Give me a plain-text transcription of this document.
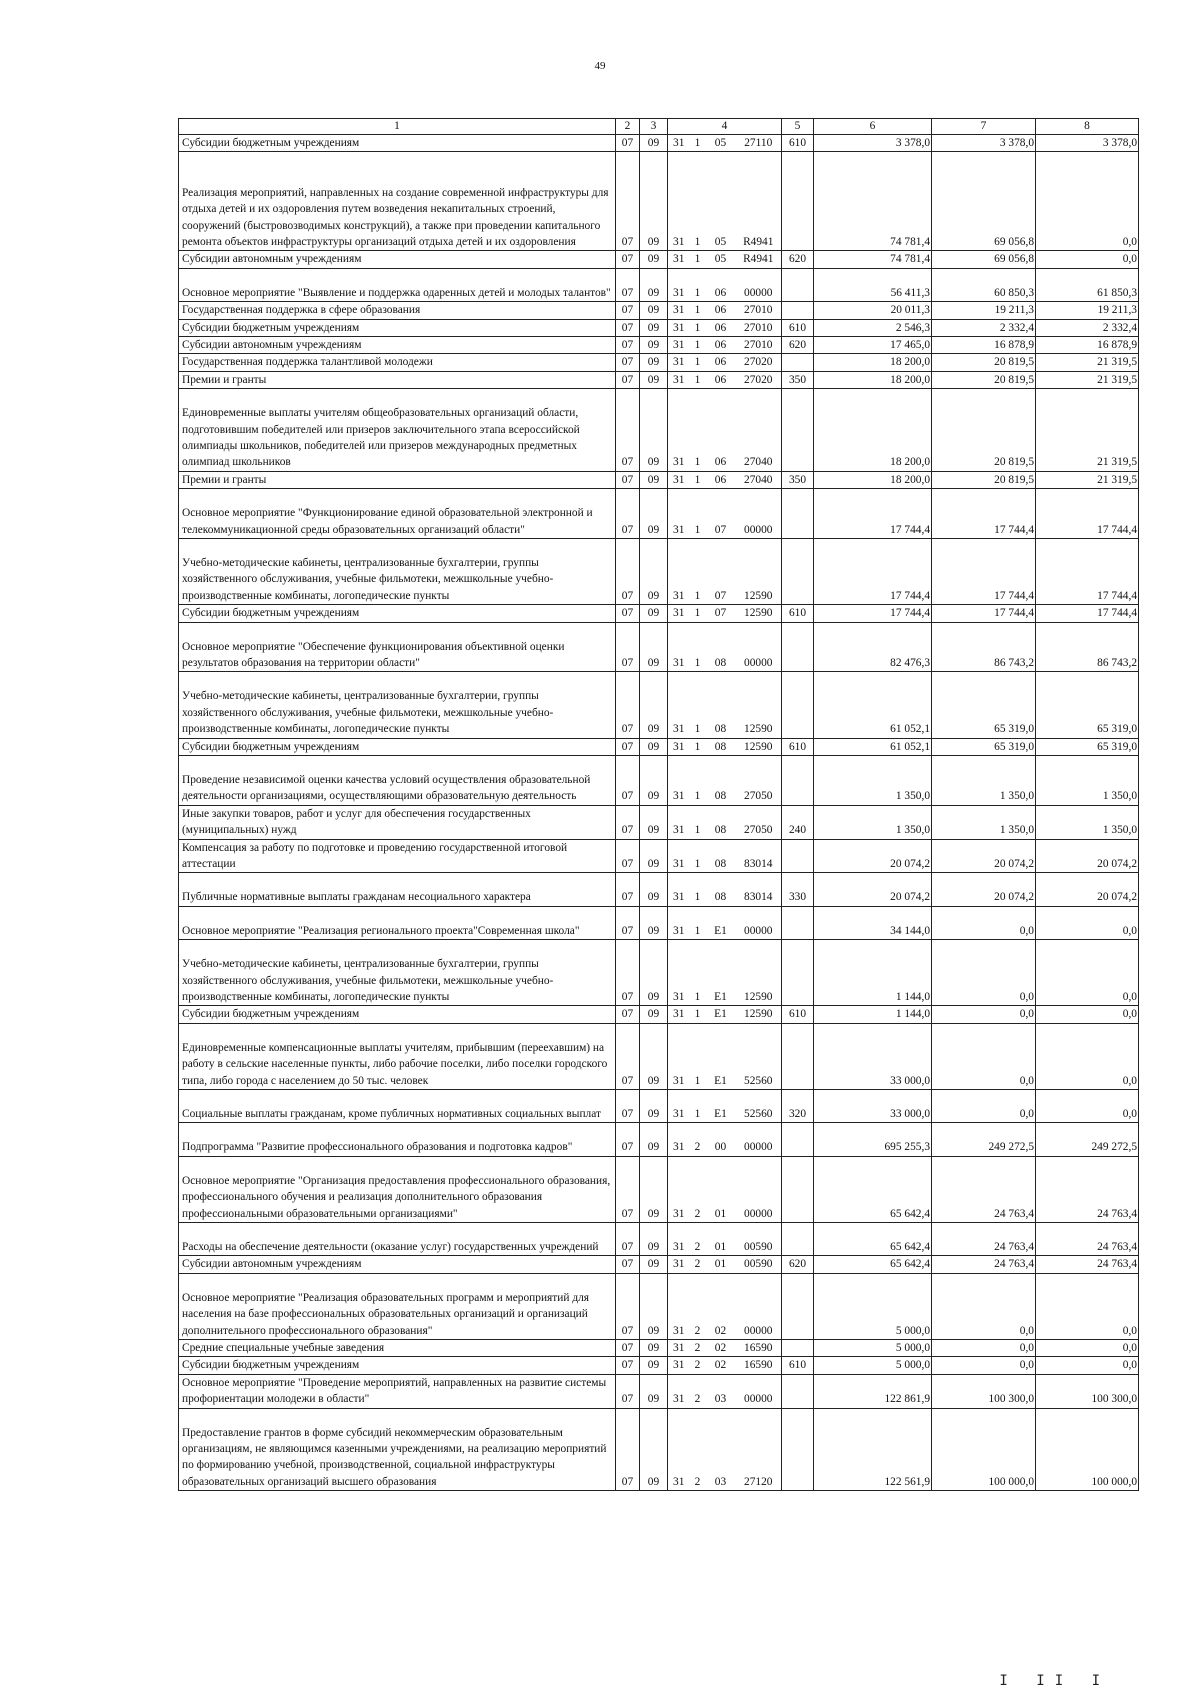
49
1	2	3	4				5	6	7	8
Субсидии бюджетным учреждениям	07	09	31	1	05	27110	610	3 378,0	3 378,0	3 378,0
Реализация мероприятий, направленных на создание современной инфраструктуры для отдыха детей и их оздоровления путем возведения некапитальных строений, сооружений (быстровозводимых конструкций), а также при проведении капитального ремонта объектов инфраструктуры организаций отдыха детей и их оздоровления	07	09	31	1	05	R4941		74 781,4	69 056,8	0,0
Субсидии автономным учреждениям	07	09	31	1	05	R4941	620	74 781,4	69 056,8	0,0
Основное мероприятие "Выявление и поддержка одаренных детей и молодых талантов"	07	09	31	1	06	00000		56 411,3	60 850,3	61 850,3
Государственная поддержка в сфере образования	07	09	31	1	06	27010		20 011,3	19 211,3	19 211,3
Субсидии бюджетным учреждениям	07	09	31	1	06	27010	610	2 546,3	2 332,4	2 332,4
Субсидии автономным учреждениям	07	09	31	1	06	27010	620	17 465,0	16 878,9	16 878,9
Государственная поддержка талантливой молодежи	07	09	31	1	06	27020		18 200,0	20 819,5	21 319,5
Премии и гранты	07	09	31	1	06	27020	350	18 200,0	20 819,5	21 319,5
Единовременные выплаты учителям общеобразовательных организаций области, подготовившим победителей или призеров заключительного этапа всероссийской олимпиады школьников, победителей или призеров международных предметных олимпиад школьников	07	09	31	1	06	27040		18 200,0	20 819,5	21 319,5
Премии и гранты	07	09	31	1	06	27040	350	18 200,0	20 819,5	21 319,5
Основное мероприятие "Функционирование единой образовательной электронной и телекоммуникационной среды образовательных организаций области"	07	09	31	1	07	00000		17 744,4	17 744,4	17 744,4
Учебно-методические кабинеты, централизованные бухгалтерии, группы хозяйственного обслуживания, учебные фильмотеки, межшкольные учебно-производственные комбинаты, логопедические пункты	07	09	31	1	07	12590		17 744,4	17 744,4	17 744,4
Субсидии бюджетным учреждениям	07	09	31	1	07	12590	610	17 744,4	17 744,4	17 744,4
Основное мероприятие "Обеспечение функционирования объективной оценки результатов образования на территории области"	07	09	31	1	08	00000		82 476,3	86 743,2	86 743,2
Учебно-методические кабинеты, централизованные бухгалтерии, группы хозяйственного обслуживания, учебные фильмотеки, межшкольные учебно-производственные комбинаты, логопедические пункты	07	09	31	1	08	12590		61 052,1	65 319,0	65 319,0
Субсидии бюджетным учреждениям	07	09	31	1	08	12590	610	61 052,1	65 319,0	65 319,0
Проведение независимой оценки качества условий осуществления образовательной деятельности организациями, осуществляющими образовательную деятельность	07	09	31	1	08	27050		1 350,0	1 350,0	1 350,0
Иные закупки товаров, работ и услуг для обеспечения государственных (муниципальных) нужд	07	09	31	1	08	27050	240	1 350,0	1 350,0	1 350,0
Компенсация за работу по подготовке и проведению государственной итоговой аттестации	07	09	31	1	08	83014		20 074,2	20 074,2	20 074,2
Публичные нормативные выплаты гражданам несоциального характера	07	09	31	1	08	83014	330	20 074,2	20 074,2	20 074,2
Основное мероприятие "Реализация регионального проекта"Современная школа"	07	09	31	1	E1	00000		34 144,0	0,0	0,0
Учебно-методические кабинеты, централизованные бухгалтерии, группы хозяйственного обслуживания, учебные фильмотеки, межшкольные учебно-производственные комбинаты, логопедические пункты	07	09	31	1	E1	12590		1 144,0	0,0	0,0
Субсидии бюджетным учреждениям	07	09	31	1	E1	12590	610	1 144,0	0,0	0,0
Единовременные компенсационные выплаты учителям, прибывшим (переехавшим) на работу в сельские населенные пункты, либо рабочие поселки, либо поселки городского типа, либо города с населением до 50 тыс. человек	07	09	31	1	E1	52560		33 000,0	0,0	0,0
Социальные выплаты гражданам, кроме публичных нормативных социальных выплат	07	09	31	1	E1	52560	320	33 000,0	0,0	0,0
Подпрограмма "Развитие профессионального образования и подготовка кадров"	07	09	31	2	00	00000		695 255,3	249 272,5	249 272,5
Основное мероприятие "Организация предоставления профессионального образования, профессионального обучения и реализация дополнительного образования профессиональными образовательными организациями"	07	09	31	2	01	00000		65 642,4	24 763,4	24 763,4
Расходы на обеспечение деятельности (оказание услуг) государственных учреждений	07	09	31	2	01	00590		65 642,4	24 763,4	24 763,4
Субсидии автономным учреждениям	07	09	31	2	01	00590	620	65 642,4	24 763,4	24 763,4
Основное мероприятие "Реализация образовательных программ и мероприятий для населения на базе профессиональных образовательных организаций и организаций дополнительного профессионального образования"	07	09	31	2	02	00000		5 000,0	0,0	0,0
Средние специальные учебные заведения	07	09	31	2	02	16590		5 000,0	0,0	0,0
Субсидии бюджетным учреждениям	07	09	31	2	02	16590	610	5 000,0	0,0	0,0
Основное мероприятие "Проведение мероприятий, направленных на развитие системы профориентации молодежи в области"	07	09	31	2	03	00000		122 861,9	100 300,0	100 300,0
Предоставление грантов в форме субсидий некоммерческим образовательным организациям, не являющимся казенными учреждениями, на реализацию мероприятий по формированию учебной, производственной, социальной инфраструктуры образовательных организаций высшего образования	07	09	31	2	03	27120		122 561,9	100 000,0	100 000,0
I II I
